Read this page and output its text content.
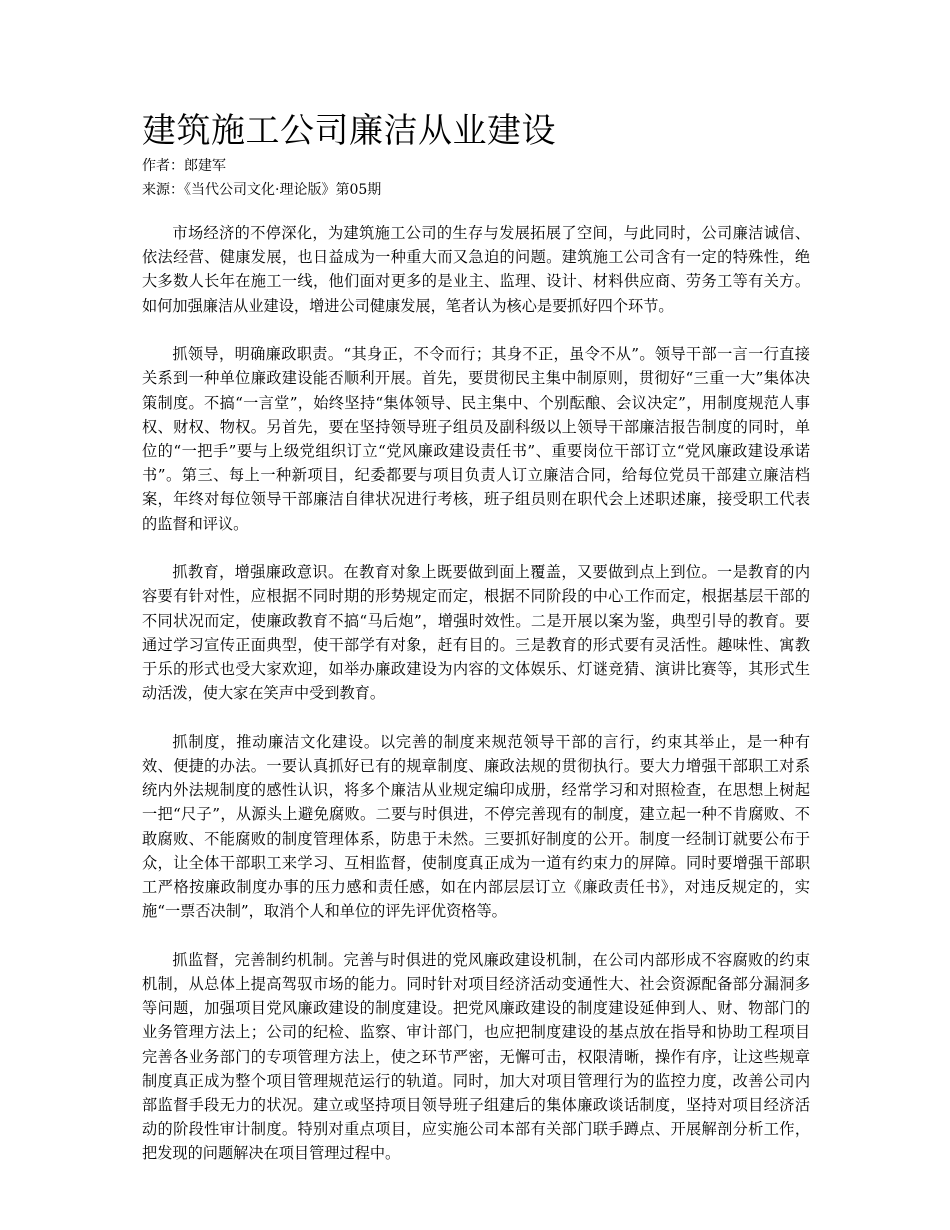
建筑施工公司廉洁从业建设

作者：郎建军

来源：《当代公司文化·理论版》第05期

市场经济的不停深化，为建筑施工公司的生存与发展拓展了空间，与此同时，公司廉洁诚信、依法经营、健康发展，也日益成为一种重大而又急迫的问题。建筑施工公司含有一定的特殊性，绝大多数人长年在施工一线，他们面对更多的是业主、监理、设计、材料供应商、劳务工等有关方。如何加强廉洁从业建设，增进公司健康发展，笔者认为核心是要抓好四个环节。

抓领导，明确廉政职责。“其身正，不令而行；其身不正，虽令不从”。领导干部一言一行直接关系到一种单位廉政建设能否顺利开展。首先，要贯彻民主集中制原则，贯彻好“三重一大”集体决策制度。不搞“一言堂”，始终坚持“集体领导、民主集中、个别酝酿、会议决定”，用制度规范人事权、财权、物权。另首先，要在坚持领导班子组员及副科级以上领导干部廉洁报告制度的同时，单位的“一把手”要与上级党组织订立“党风廉政建设责任书”、重要岗位干部订立“党风廉政建设承诺书”。第三、每上一种新项目，纪委都要与项目负责人订立廉洁合同，给每位党员干部建立廉洁档案，年终对每位领导干部廉洁自律状况进行考核，班子组员则在职代会上述职述廉，接受职工代表的监督和评议。

抓教育，增强廉政意识。在教育对象上既要做到面上覆盖，又要做到点上到位。一是教育的内容要有针对性，应根据不同时期的形势规定而定，根据不同阶段的中心工作而定，根据基层干部的不同状况而定，使廉政教育不搞“马后炮”，增强时效性。二是开展以案为鉴，典型引导的教育。要通过学习宣传正面典型，使干部学有对象，赶有目的。三是教育的形式要有灵活性。趣味性、寓教于乐的形式也受大家欢迎，如举办廉政建设为内容的文体娱乐、灯谜竞猜、演讲比赛等，其形式生动活泼，使大家在笑声中受到教育。

抓制度，推动廉洁文化建设。以完善的制度来规范领导干部的言行，约束其举止，是一种有效、便捷的办法。一要认真抓好已有的规章制度、廉政法规的贯彻执行。要大力增强干部职工对系统内外法规制度的感性认识，将多个廉洁从业规定编印成册，经常学习和对照检查，在思想上树起一把“尺子”，从源头上避免腐败。二要与时俱进，不停完善现有的制度，建立起一种不肯腐败、不敢腐败、不能腐败的制度管理体系，防患于未然。三要抓好制度的公开。制度一经制订就要公布于众，让全体干部职工来学习、互相监督，使制度真正成为一道有约束力的屏障。同时要增强干部职工严格按廉政制度办事的压力感和责任感，如在内部层层订立《廉政责任书》，对违反规定的，实施“一票否决制”，取消个人和单位的评先评优资格等。

抓监督，完善制约机制。完善与时俱进的党风廉政建设机制，在公司内部形成不容腐败的约束机制，从总体上提高驾驭市场的能力。同时针对项目经济活动变通性大、社会资源配备部分漏洞多等问题，加强项目党风廉政建设的制度建设。把党风廉政建设的制度建设延伸到人、财、物部门的业务管理方法上；公司的纪检、监察、审计部门，也应把制度建设的基点放在指导和协助工程项目完善各业务部门的专项管理方法上，使之环节严密，无懈可击，权限清晰，操作有序，让这些规章制度真正成为整个项目管理规范运行的轨道。同时，加大对项目管理行为的监控力度，改善公司内部监督手段无力的状况。建立或坚持项目领导班子组建后的集体廉政谈话制度，坚持对项目经济活动的阶段性审计制度。特别对重点项目，应实施公司本部有关部门联手蹲点、开展解剖分析工作，把发现的问题解决在项目管理过程中。
